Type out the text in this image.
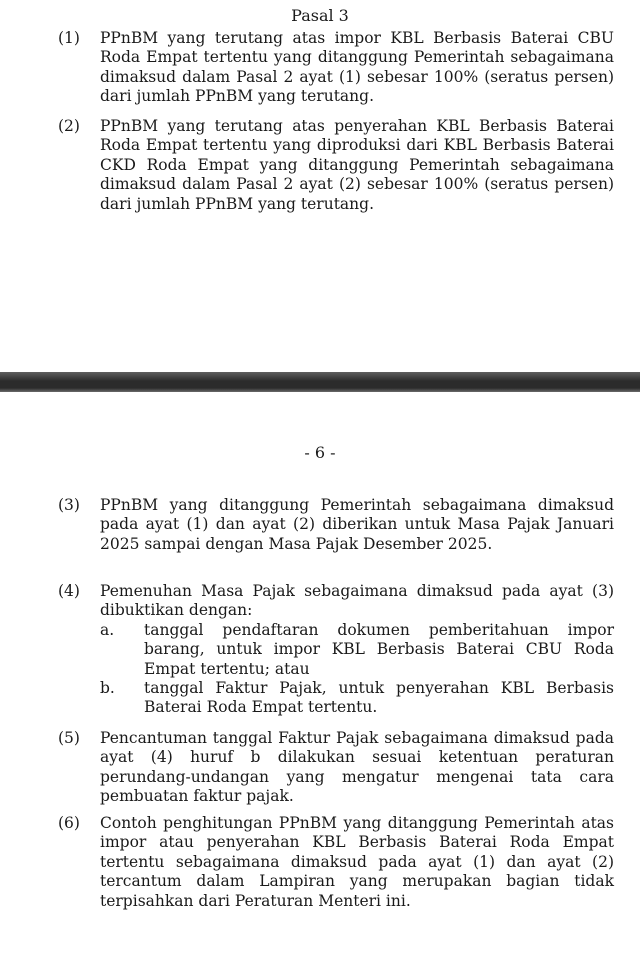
Pasal 3
(1)	PPnBM yang terutang atas impor KBL Berbasis Baterai CBU Roda Empat tertentu yang ditanggung Pemerintah sebagaimana dimaksud dalam Pasal 2 ayat (1) sebesar 100% (seratus persen) dari jumlah PPnBM yang terutang.
(2)	PPnBM yang terutang atas penyerahan KBL Berbasis Baterai Roda Empat tertentu yang diproduksi dari KBL Berbasis Baterai CKD Roda Empat yang ditanggung Pemerintah sebagaimana dimaksud dalam Pasal 2 ayat (2) sebesar 100% (seratus persen) dari jumlah PPnBM yang terutang.
- 6 -
(3)	PPnBM yang ditanggung Pemerintah sebagaimana dimaksud pada ayat (1) dan ayat (2) diberikan untuk Masa Pajak Januari 2025 sampai dengan Masa Pajak Desember 2025.
(4)	Pemenuhan Masa Pajak sebagaimana dimaksud pada ayat (3) dibuktikan dengan:
a.	tanggal pendaftaran dokumen pemberitahuan impor barang, untuk impor KBL Berbasis Baterai CBU Roda Empat tertentu; atau
b.	tanggal Faktur Pajak, untuk penyerahan KBL Berbasis Baterai Roda Empat tertentu.
(5)	Pencantuman tanggal Faktur Pajak sebagaimana dimaksud pada ayat (4) huruf b dilakukan sesuai ketentuan peraturan perundang-undangan yang mengatur mengenai tata cara pembuatan faktur pajak.
(6)	Contoh penghitungan PPnBM yang ditanggung Pemerintah atas impor atau penyerahan KBL Berbasis Baterai Roda Empat tertentu sebagaimana dimaksud pada ayat (1) dan ayat (2) tercantum dalam Lampiran yang merupakan bagian tidak terpisahkan dari Peraturan Menteri ini.
